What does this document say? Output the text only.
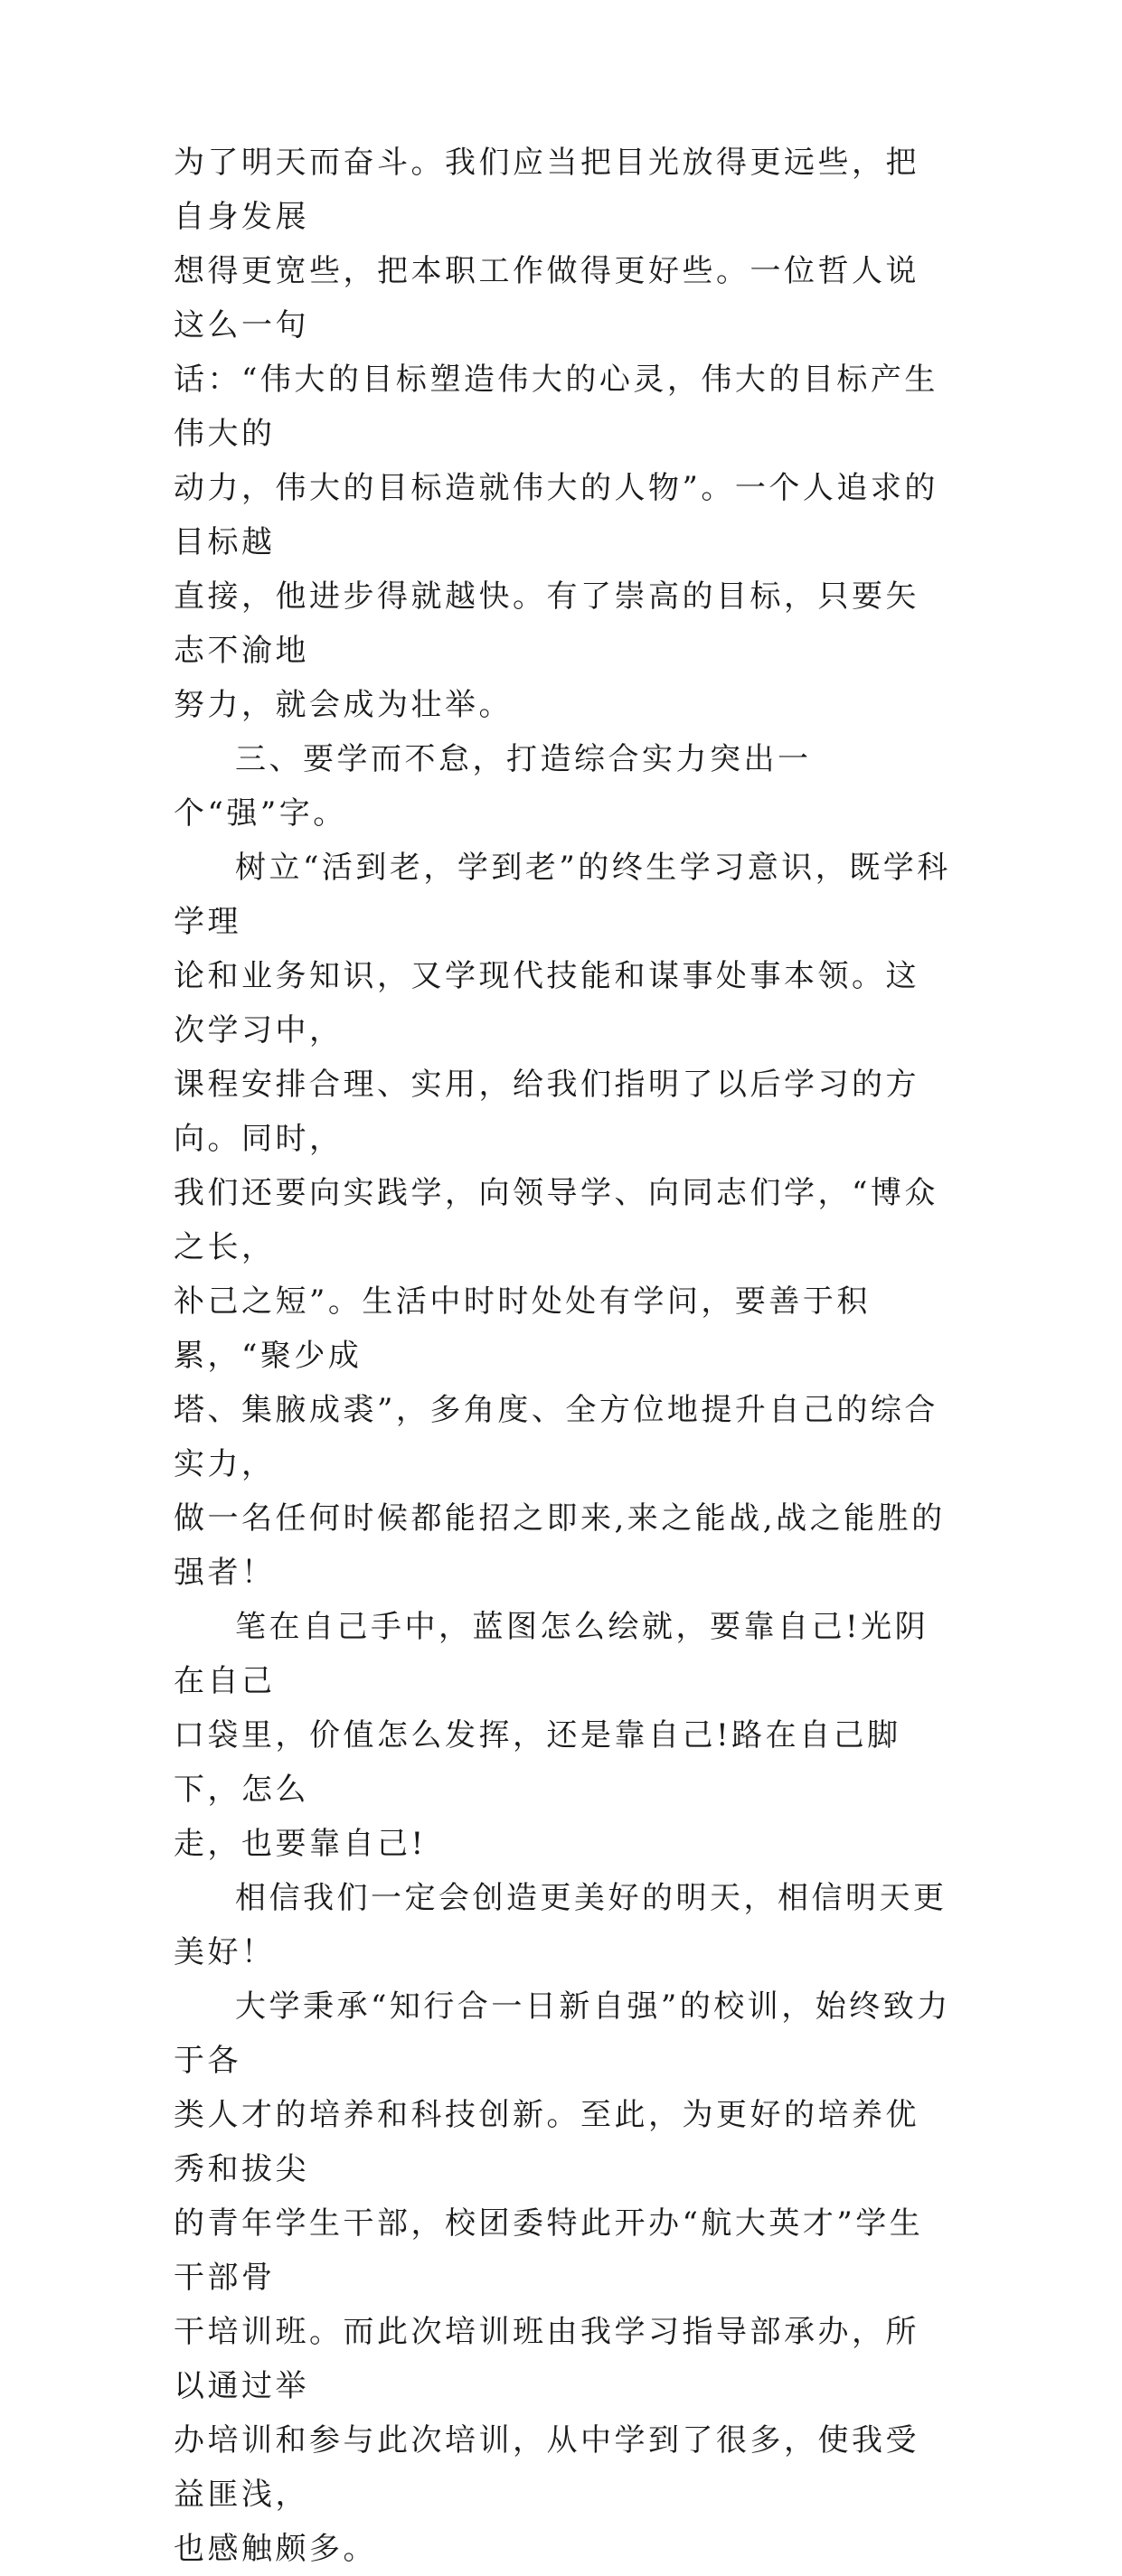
为了明天而奋斗。我们应当把目光放得更远些，把自身发展
想得更宽些，把本职工作做得更好些。一位哲人说这么一句
话：“伟大的目标塑造伟大的心灵，伟大的目标产生伟大的
动力，伟大的目标造就伟大的人物”。一个人追求的目标越
直接，他进步得就越快。有了崇高的目标，只要矢志不渝地
努力，就会成为壮举。
三、要学而不怠，打造综合实力突出一个“强”字。
树立“活到老，学到老”的终生学习意识，既学科学理
论和业务知识，又学现代技能和谋事处事本领。这次学习中，
课程安排合理、实用，给我们指明了以后学习的方向。同时，
我们还要向实践学，向领导学、向同志们学，“博众之长，
补己之短”。生活中时时处处有学问，要善于积累，“聚少成
塔、集腋成裘”，多角度、全方位地提升自己的综合实力，
做一名任何时候都能招之即来,来之能战,战之能胜的强者！
笔在自己手中，蓝图怎么绘就，要靠自己!光阴在自己
口袋里，价值怎么发挥，还是靠自己!路在自己脚下，怎么
走，也要靠自己!
相信我们一定会创造更美好的明天，相信明天更美好！
大学秉承“知行合一日新自强”的校训，始终致力于各
类人才的培养和科技创新。至此，为更好的培养优秀和拔尖
的青年学生干部，校团委特此开办“航大英才”学生干部骨
干培训班。而此次培训班由我学习指导部承办，所以通过举
办培训和参与此次培训，从中学到了很多，使我受益匪浅，
也感触颇多。
